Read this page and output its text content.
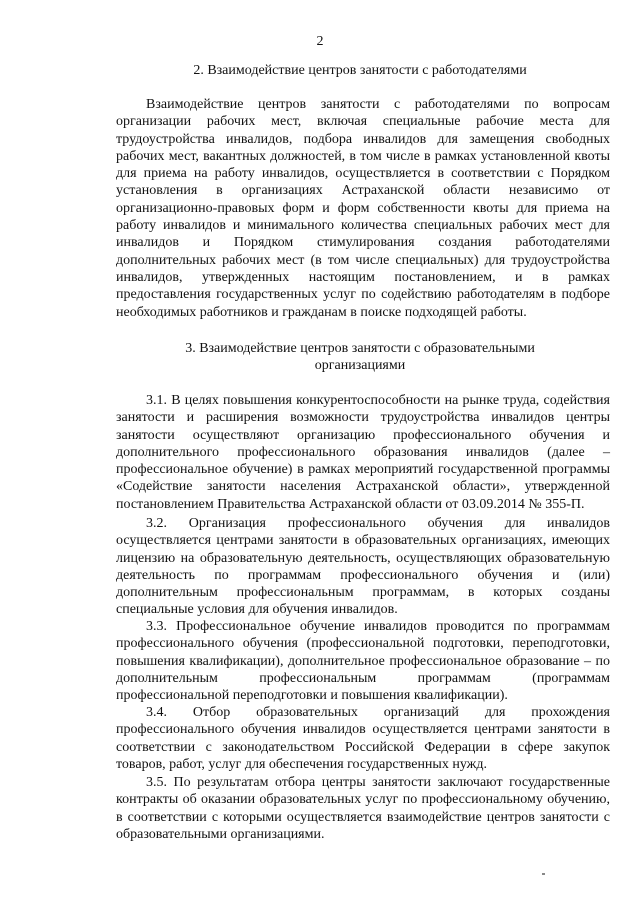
2
2. Взаимодействие центров занятости с работодателями

Взаимодействие центров занятости с работодателями по вопросам организации рабочих мест, включая специальные рабочие места для трудоустройства инвалидов, подбора инвалидов для замещения свободных рабочих мест, вакантных должностей, в том числе в рамках установленной квоты для приема на работу инвалидов, осуществляется в соответствии с Порядком установления в организациях Астраханской области независимо от организационно-правовых форм и форм собственности квоты для приема на работу инвалидов и минимального количества специальных рабочих мест для инвалидов и Порядком стимулирования создания работодателями дополнительных рабочих мест (в том числе специальных) для трудоустройства инвалидов, утвержденных настоящим постановлением, и в рамках предоставления государственных услуг по содействию работодателям в подборе необходимых работников и гражданам в поиске подходящей работы.

3. Взаимодействие центров занятости с образовательными
организациями

3.1. В целях повышения конкурентоспособности на рынке труда, содействия занятости и расширения возможности трудоустройства инвалидов центры занятости осуществляют организацию профессионального обучения и дополнительного профессионального образования инвалидов (далее – профессиональное обучение) в рамках мероприятий государственной программы «Содействие занятости населения Астраханской области», утвержденной постановлением Правительства Астраханской области от 03.09.2014 № 355-П.

3.2. Организация профессионального обучения для инвалидов осуществляется центрами занятости в образовательных организациях, имеющих лицензию на образовательную деятельность, осуществляющих образовательную деятельность по программам профессионального обучения и (или) дополнительным профессиональным программам, в которых созданы специальные условия для обучения инвалидов.

3.3. Профессиональное обучение инвалидов проводится по программам профессионального обучения (профессиональной подготовки, переподготовки, повышения квалификации), дополнительное профессиональное образование – по дополнительным профессиональным программам (программам профессиональной переподготовки и повышения квалификации).

3.4. Отбор образовательных организаций для прохождения профессионального обучения инвалидов осуществляется центрами занятости в соответствии с законодательством Российской Федерации в сфере закупок товаров, работ, услуг для обеспечения государственных нужд.

3.5. По результатам отбора центры занятости заключают государственные контракты об оказании образовательных услуг по профессиональному обучению, в соответствии с которыми осуществляется взаимодействие центров занятости с образовательными организациями.
